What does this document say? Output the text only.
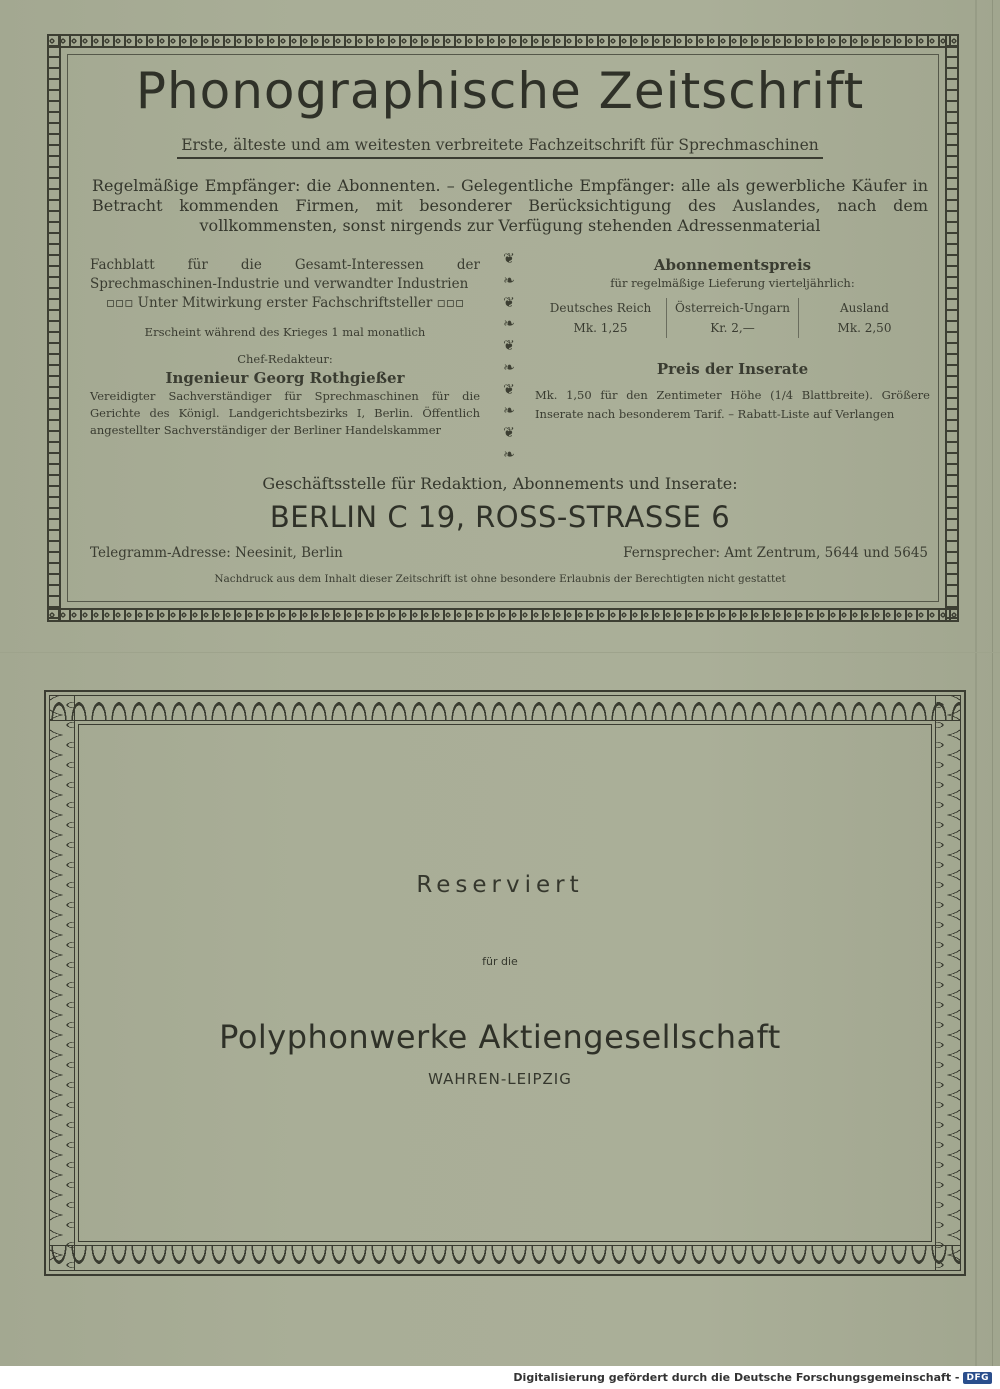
Phonographische Zeitschrift
Erste, älteste und am weitesten verbreitete Fachzeitschrift für Sprechmaschinen
Regelmäßige Empfänger: die Abonnenten. – Gelegentliche Empfänger: alle als gewerbliche Käufer in Betracht kommenden Firmen, mit besonderer Berücksichtigung des Auslandes, nach dem vollkommensten, sonst nirgends zur Verfügung stehenden Adressenmaterial
Fachblatt für die Gesamt-Interessen der Sprechmaschinen-Industrie und verwandter Industrien
▫▫▫ Unter Mitwirkung erster Fachschriftsteller ▫▫▫
Erscheint während des Krieges 1 mal monatlich
Chef-Redakteur:
Ingenieur Georg Rothgießer
Vereidigter Sachverständiger für Sprechmaschinen für die Gerichte des Königl. Landgerichtsbezirks I, Berlin. Öffentlich angestellter Sachverständiger der Berliner Handelskammer
❦
❧
❦
❧
❦
❧
❦
❧
❦
❧
Abonnementspreis
für regelmäßige Lieferung vierteljährlich:
Deutsches Reich
Mk. 1,25
Österreich-Ungarn
Kr. 2,—
Ausland
Mk. 2,50
Preis der Inserate
Mk. 1,50 für den Zentimeter Höhe (1/4 Blattbreite). Größere Inserate nach besonderem Tarif. – Rabatt-Liste auf Verlangen
Geschäftsstelle für Redaktion, Abonnements und Inserate:
BERLIN C 19, ROSS-STRASSE 6
Telegramm-Adresse: Neesinit, Berlin	Fernsprecher: Amt Zentrum, 5644 und 5645
Nachdruck aus dem Inhalt dieser Zeitschrift ist ohne besondere Erlaubnis der Berechtigten nicht gestattet
Reserviert
für die
Polyphonwerke Aktiengesellschaft
WAHREN-LEIPZIG
Digitalisierung gefördert durch die Deutsche Forschungsgemeinschaft - DFG
